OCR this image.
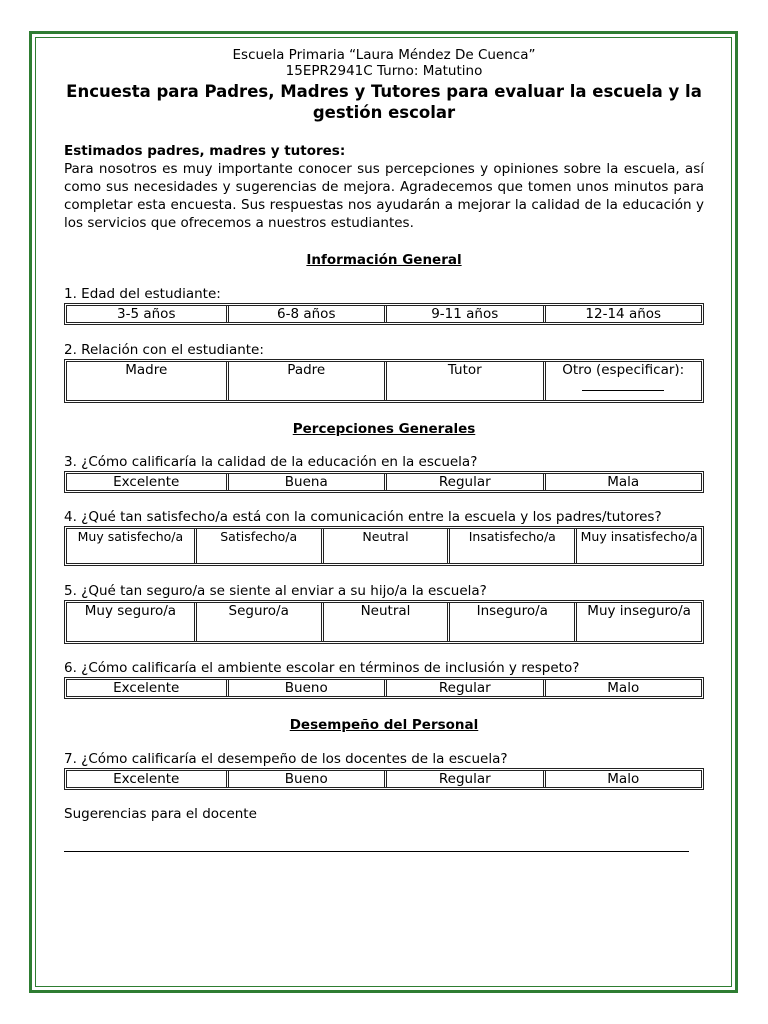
Escuela Primaria “Laura Méndez De Cuenca”
15EPR2941C Turno: Matutino
Encuesta para Padres, Madres y Tutores para evaluar la escuela y la gestión escolar
Estimados padres, madres y tutores:
Para nosotros es muy importante conocer sus percepciones y opiniones sobre la escuela, así como sus necesidades y sugerencias de mejora. Agradecemos que tomen unos minutos para completar esta encuesta. Sus respuestas nos ayudarán a mejorar la calidad de la educación y los servicios que ofrecemos a nuestros estudiantes.
Información General
1. Edad del estudiante:
3-5 años	6-8 años	9-11 años	12-14 años
2. Relación con el estudiante:
Madre	Padre	Tutor	Otro (especificar):
Percepciones Generales
3. ¿Cómo calificaría la calidad de la educación en la escuela?
Excelente	Buena	Regular	Mala
4. ¿Qué tan satisfecho/a está con la comunicación entre la escuela y los padres/tutores?
Muy satisfecho/a	Satisfecho/a	Neutral	Insatisfecho/a	Muy insatisfecho/a
5. ¿Qué tan seguro/a se siente al enviar a su hijo/a la escuela?
Muy seguro/a	Seguro/a	Neutral	Inseguro/a	Muy inseguro/a
6. ¿Cómo calificaría el ambiente escolar en términos de inclusión y respeto?
Excelente	Bueno	Regular	Malo
Desempeño del Personal
7. ¿Cómo calificaría el desempeño de los docentes de la escuela?
Excelente	Bueno	Regular	Malo
Sugerencias para el docente
